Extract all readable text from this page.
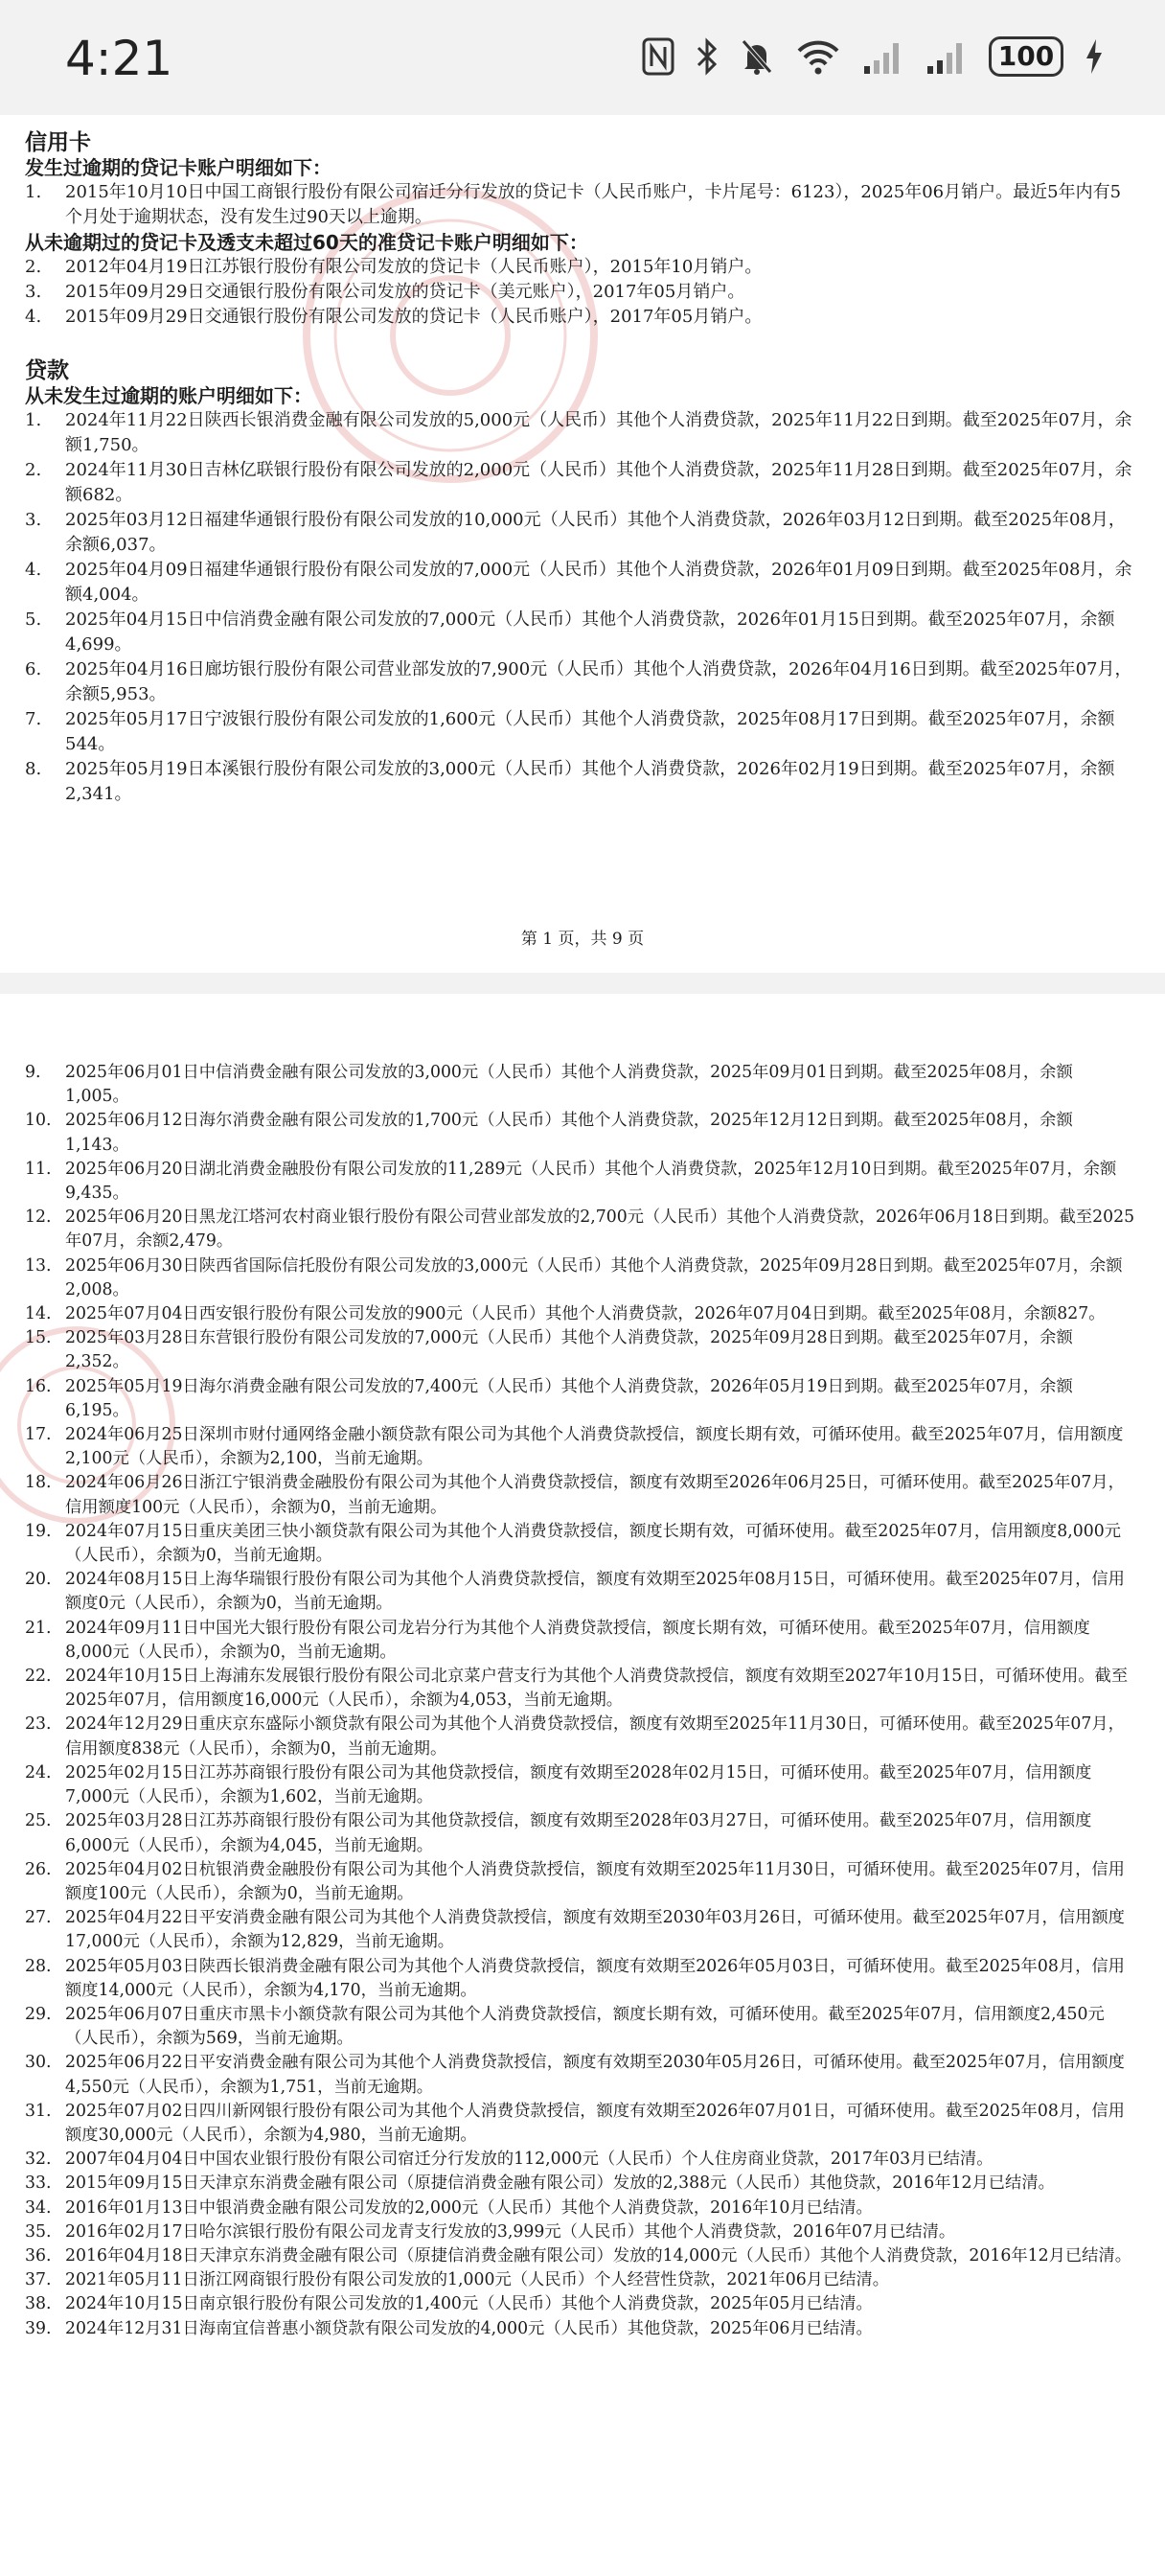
4:21	100
信用卡
发生过逾期的贷记卡账户明细如下：
1.	2015年10月10日中国工商银行股份有限公司宿迁分行发放的贷记卡（人民币账户，卡片尾号：6123），2025年06月销户。最近5年内有5个月处于逾期状态，没有发生过90天以上逾期。
从未逾期过的贷记卡及透支未超过60天的准贷记卡账户明细如下：
2.	2012年04月19日江苏银行股份有限公司发放的贷记卡（人民币账户），2015年10月销户。
3.	2015年09月29日交通银行股份有限公司发放的贷记卡（美元账户），2017年05月销户。
4.	2015年09月29日交通银行股份有限公司发放的贷记卡（人民币账户），2017年05月销户。
贷款
从未发生过逾期的账户明细如下：
1.	2024年11月22日陕西长银消费金融有限公司发放的5,000元（人民币）其他个人消费贷款，2025年11月22日到期。截至2025年07月，余额1,750。
2.	2024年11月30日吉林亿联银行股份有限公司发放的2,000元（人民币）其他个人消费贷款，2025年11月28日到期。截至2025年07月，余额682。
3.	2025年03月12日福建华通银行股份有限公司发放的10,000元（人民币）其他个人消费贷款，2026年03月12日到期。截至2025年08月，余额6,037。
4.	2025年04月09日福建华通银行股份有限公司发放的7,000元（人民币）其他个人消费贷款，2026年01月09日到期。截至2025年08月，余额4,004。
5.	2025年04月15日中信消费金融有限公司发放的7,000元（人民币）其他个人消费贷款，2026年01月15日到期。截至2025年07月，余额4,699。
6.	2025年04月16日廊坊银行股份有限公司营业部发放的7,900元（人民币）其他个人消费贷款，2026年04月16日到期。截至2025年07月，余额5,953。
7.	2025年05月17日宁波银行股份有限公司发放的1,600元（人民币）其他个人消费贷款，2025年08月17日到期。截至2025年07月，余额544。
8.	2025年05月19日本溪银行股份有限公司发放的3,000元（人民币）其他个人消费贷款，2026年02月19日到期。截至2025年07月，余额2,341。
第 1 页，共 9 页
9.	2025年06月01日中信消费金融有限公司发放的3,000元（人民币）其他个人消费贷款，2025年09月01日到期。截至2025年08月，余额1,005。
10. 2025年06月12日海尔消费金融有限公司发放的1,700元（人民币）其他个人消费贷款，2025年12月12日到期。截至2025年08月，余额1,143。
11. 2025年06月20日湖北消费金融股份有限公司发放的11,289元（人民币）其他个人消费贷款，2025年12月10日到期。截至2025年07月，余额9,435。
12. 2025年06月20日黑龙江塔河农村商业银行股份有限公司营业部发放的2,700元（人民币）其他个人消费贷款，2026年06月18日到期。截至2025年07月，余额2,479。
13. 2025年06月30日陕西省国际信托股份有限公司发放的3,000元（人民币）其他个人消费贷款，2025年09月28日到期。截至2025年07月，余额2,008。
14. 2025年07月04日西安银行股份有限公司发放的900元（人民币）其他个人消费贷款，2026年07月04日到期。截至2025年08月，余额827。
15. 2025年03月28日东营银行股份有限公司发放的7,000元（人民币）其他个人消费贷款，2025年09月28日到期。截至2025年07月，余额2,352。
16. 2025年05月19日海尔消费金融有限公司发放的7,400元（人民币）其他个人消费贷款，2026年05月19日到期。截至2025年07月，余额6,195。
17. 2024年06月25日深圳市财付通网络金融小额贷款有限公司为其他个人消费贷款授信，额度长期有效，可循环使用。截至2025年07月，信用额度2,100元（人民币），余额为2,100，当前无逾期。
18. 2024年06月26日浙江宁银消费金融股份有限公司为其他个人消费贷款授信，额度有效期至2026年06月25日，可循环使用。截至2025年07月，信用额度100元（人民币），余额为0，当前无逾期。
19. 2024年07月15日重庆美团三快小额贷款有限公司为其他个人消费贷款授信，额度长期有效，可循环使用。截至2025年07月，信用额度8,000元（人民币），余额为0，当前无逾期。
20. 2024年08月15日上海华瑞银行股份有限公司为其他个人消费贷款授信，额度有效期至2025年08月15日，可循环使用。截至2025年07月，信用额度0元（人民币），余额为0，当前无逾期。
21. 2024年09月11日中国光大银行股份有限公司龙岩分行为其他个人消费贷款授信，额度长期有效，可循环使用。截至2025年07月，信用额度8,000元（人民币），余额为0，当前无逾期。
22. 2024年10月15日上海浦东发展银行股份有限公司北京菜户营支行为其他个人消费贷款授信，额度有效期至2027年10月15日，可循环使用。截至2025年07月，信用额度16,000元（人民币），余额为4,053，当前无逾期。
23. 2024年12月29日重庆京东盛际小额贷款有限公司为其他个人消费贷款授信，额度有效期至2025年11月30日，可循环使用。截至2025年07月，信用额度838元（人民币），余额为0，当前无逾期。
24. 2025年02月15日江苏苏商银行股份有限公司为其他贷款授信，额度有效期至2028年02月15日，可循环使用。截至2025年07月，信用额度7,000元（人民币），余额为1,602，当前无逾期。
25. 2025年03月28日江苏苏商银行股份有限公司为其他贷款授信，额度有效期至2028年03月27日，可循环使用。截至2025年07月，信用额度6,000元（人民币），余额为4,045，当前无逾期。
26. 2025年04月02日杭银消费金融股份有限公司为其他个人消费贷款授信，额度有效期至2025年11月30日，可循环使用。截至2025年07月，信用额度100元（人民币），余额为0，当前无逾期。
27. 2025年04月22日平安消费金融有限公司为其他个人消费贷款授信，额度有效期至2030年03月26日，可循环使用。截至2025年07月，信用额度17,000元（人民币），余额为12,829，当前无逾期。
28. 2025年05月03日陕西长银消费金融有限公司为其他个人消费贷款授信，额度有效期至2026年05月03日，可循环使用。截至2025年08月，信用额度14,000元（人民币），余额为4,170，当前无逾期。
29. 2025年06月07日重庆市黑卡小额贷款有限公司为其他个人消费贷款授信，额度长期有效，可循环使用。截至2025年07月，信用额度2,450元（人民币），余额为569，当前无逾期。
30. 2025年06月22日平安消费金融有限公司为其他个人消费贷款授信，额度有效期至2030年05月26日，可循环使用。截至2025年07月，信用额度4,550元（人民币），余额为1,751，当前无逾期。
31. 2025年07月02日四川新网银行股份有限公司为其他个人消费贷款授信，额度有效期至2026年07月01日，可循环使用。截至2025年08月，信用额度30,000元（人民币），余额为4,980，当前无逾期。
32. 2007年04月04日中国农业银行股份有限公司宿迁分行发放的112,000元（人民币）个人住房商业贷款，2017年03月已结清。
33. 2015年09月15日天津京东消费金融有限公司（原捷信消费金融有限公司）发放的2,388元（人民币）其他贷款，2016年12月已结清。
34. 2016年01月13日中银消费金融有限公司发放的2,000元（人民币）其他个人消费贷款，2016年10月已结清。
35. 2016年02月17日哈尔滨银行股份有限公司龙青支行发放的3,999元（人民币）其他个人消费贷款，2016年07月已结清。
36. 2016年04月18日天津京东消费金融有限公司（原捷信消费金融有限公司）发放的14,000元（人民币）其他个人消费贷款，2016年12月已结清。
37. 2021年05月11日浙江网商银行股份有限公司发放的1,000元（人民币）个人经营性贷款，2021年06月已结清。
38. 2024年10月15日南京银行股份有限公司发放的1,400元（人民币）其他个人消费贷款，2025年05月已结清。
39. 2024年12月31日海南宜信普惠小额贷款有限公司发放的4,000元（人民币）其他贷款，2025年06月已结清。
